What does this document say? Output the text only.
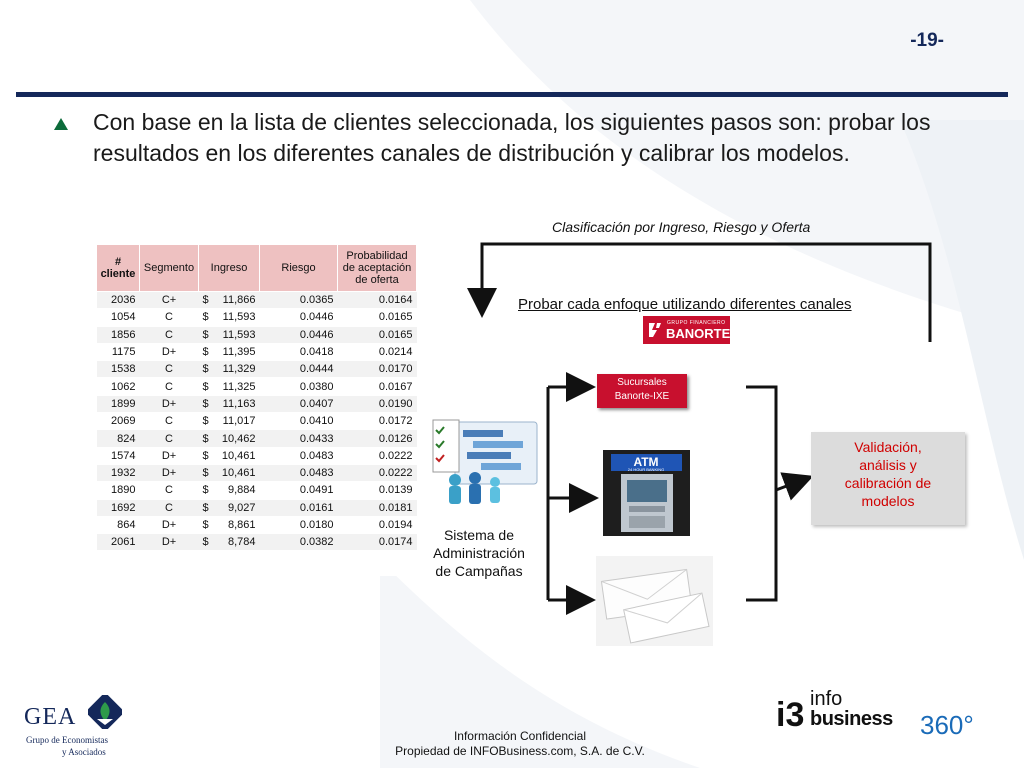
-19-
Con base en la lista de clientes seleccionada, los siguientes pasos son: probar los resultados en los diferentes canales de distribución y calibrar los modelos.
Clasificación por Ingreso, Riesgo y Oferta
#
cliente	Segmento	Ingreso	Riesgo	Probabilidad
de aceptación
de oferta
2036	C+	$ 11,866	0.0365	0.0164
1054	C	$ 11,593	0.0446	0.0165
1856	C	$ 11,593	0.0446	0.0165
1175	D+	$ 11,395	0.0418	0.0214
1538	C	$ 11,329	0.0444	0.0170
1062	C	$ 11,325	0.0380	0.0167
1899	D+	$ 11,163	0.0407	0.0190
2069	C	$ 11,017	0.0410	0.0172
824	C	$ 10,462	0.0433	0.0126
1574	D+	$ 10,461	0.0483	0.0222
1932	D+	$ 10,461	0.0483	0.0222
1890	C	$ 9,884	0.0491	0.0139
1692	C	$ 9,027	0.0161	0.0181
864	D+	$ 8,861	0.0180	0.0194
2061	D+	$ 8,784	0.0382	0.0174
Probar cada enfoque utilizando diferentes canales
GRUPO FINANCIERO
BANORTE
Sucursales
Banorte-IXE
Sistema de
Administración
de Campañas
ATM
24 HOUR BANKING
Validación,
análisis y
calibración de
modelos
GEA
Grupo de Economistas
y Asociados
Información Confidencial
Propiedad de INFOBusiness.com, S.A. de C.V.
i3 info
business 360°
